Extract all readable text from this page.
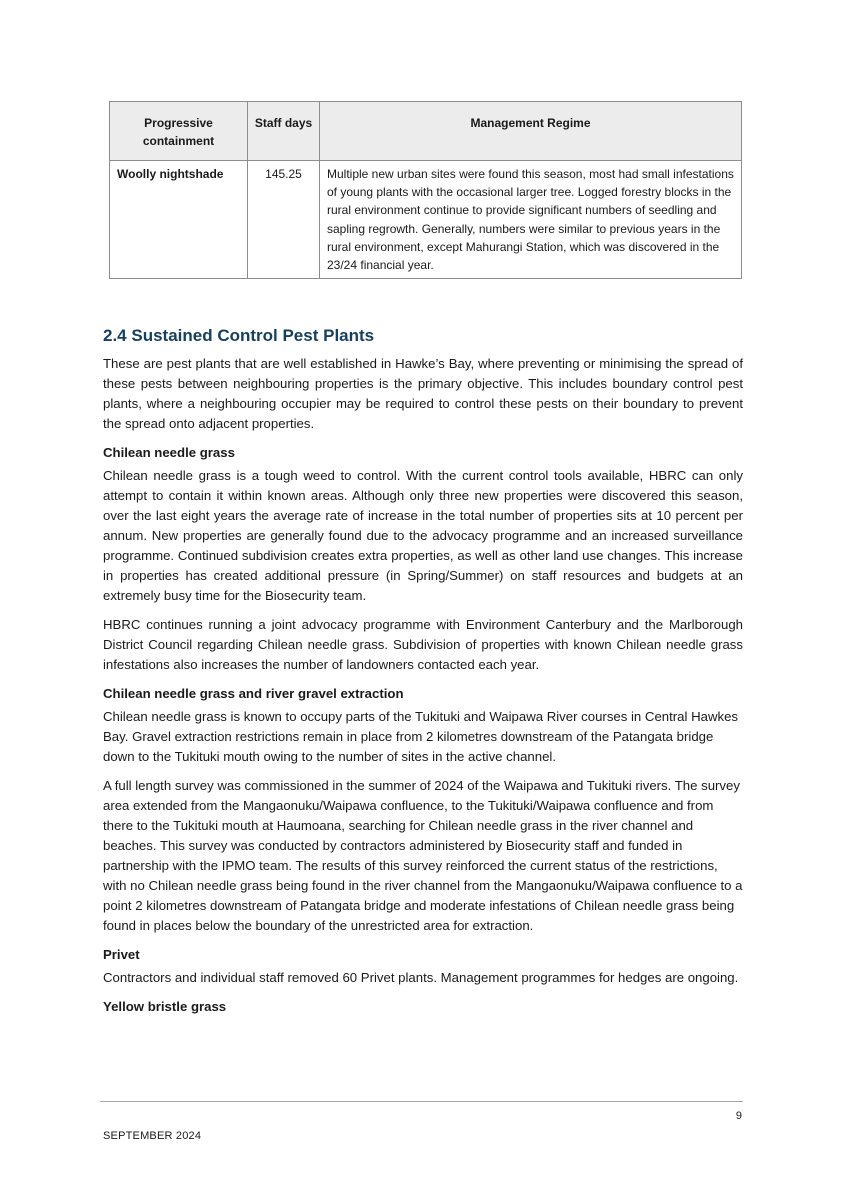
Progressive containment	Staff days	Management Regime
Woolly nightshade	145.25	Multiple new urban sites were found this season, most had small infestations of young plants with the occasional larger tree. Logged forestry blocks in the rural environment continue to provide significant numbers of seedling and sapling regrowth. Generally, numbers were similar to previous years in the rural environment, except Mahurangi Station, which was discovered in the 23/24 financial year.
2.4 Sustained Control Pest Plants

These are pest plants that are well established in Hawke’s Bay, where preventing or minimising the spread of these pests between neighbouring properties is the primary objective. This includes boundary control pest plants, where a neighbouring occupier may be required to control these pests on their boundary to prevent the spread onto adjacent properties.

Chilean needle grass

Chilean needle grass is a tough weed to control. With the current control tools available, HBRC can only attempt to contain it within known areas. Although only three new properties were discovered this season, over the last eight years the average rate of increase in the total number of properties sits at 10 percent per annum. New properties are generally found due to the advocacy programme and an increased surveillance programme. Continued subdivision creates extra properties, as well as other land use changes. This increase in properties has created additional pressure (in Spring/Summer) on staff resources and budgets at an extremely busy time for the Biosecurity team.

HBRC continues running a joint advocacy programme with Environment Canterbury and the Marlborough District Council regarding Chilean needle grass. Subdivision of properties with known Chilean needle grass infestations also increases the number of landowners contacted each year.

Chilean needle grass and river gravel extraction

Chilean needle grass is known to occupy parts of the Tukituki and Waipawa River courses in Central Hawkes Bay. Gravel extraction restrictions remain in place from 2 kilometres downstream of the Patangata bridge down to the Tukituki mouth owing to the number of sites in the active channel.

A full length survey was commissioned in the summer of 2024 of the Waipawa and Tukituki rivers. The survey area extended from the Mangaonuku/Waipawa confluence, to the Tukituki/Waipawa confluence and from there to the Tukituki mouth at Haumoana, searching for Chilean needle grass in the river channel and beaches. This survey was conducted by contractors administered by Biosecurity staff and funded in partnership with the IPMO team. The results of this survey reinforced the current status of the restrictions, with no Chilean needle grass being found in the river channel from the Mangaonuku/Waipawa confluence to a point 2 kilometres downstream of Patangata bridge and moderate infestations of Chilean needle grass being found in places below the boundary of the unrestricted area for extraction.

Privet

Contractors and individual staff removed 60 Privet plants. Management programmes for hedges are ongoing.

Yellow bristle grass
9
SEPTEMBER 2024
